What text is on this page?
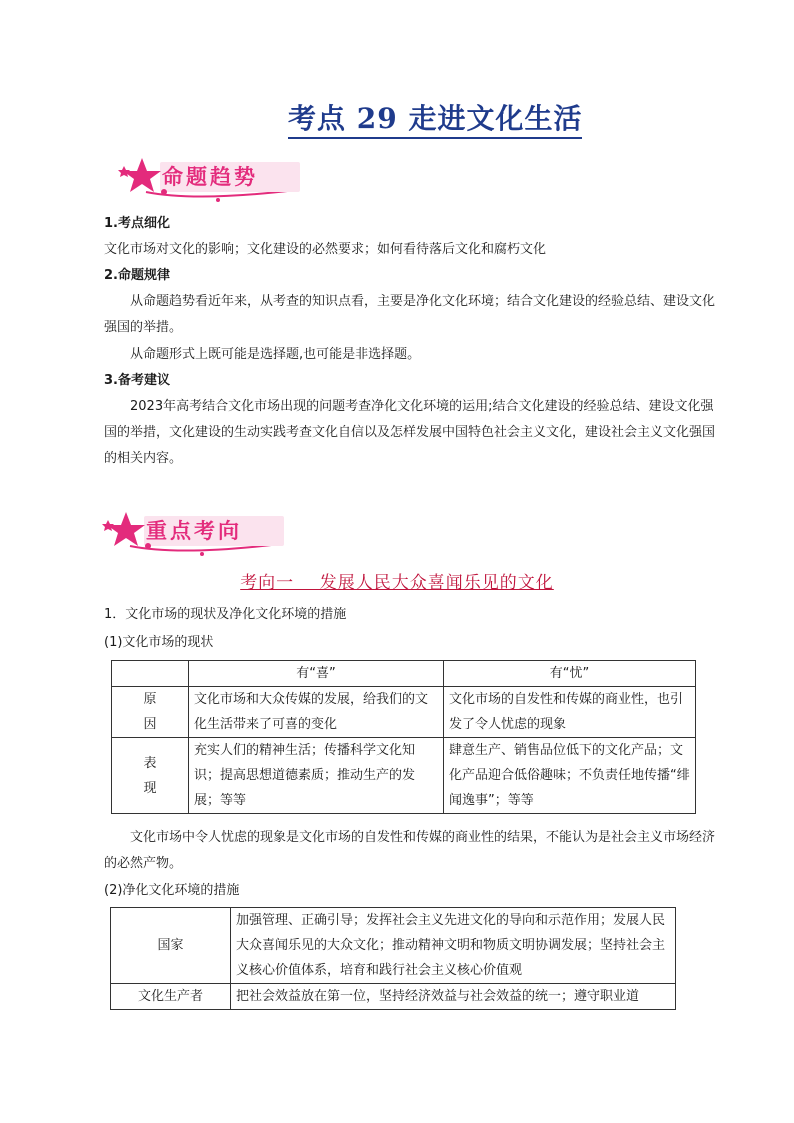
考点 29 走进文化生活
命题趋势
1.考点细化
文化市场对文化的影响；文化建设的必然要求；如何看待落后文化和腐朽文化
2.命题规律
从命题趋势看近年来，从考查的知识点看，主要是净化文化环境；结合文化建设的经验总结、建设文化强国的举措。
从命题形式上既可能是选择题,也可能是非选择题。
3.备考建议
2023年高考结合文化市场出现的问题考查净化文化环境的运用;结合文化建设的经验总结、建设文化强国的举措，文化建设的生动实践考查文化自信以及怎样发展中国特色社会主义文化，建设社会主义文化强国的相关内容。
重点考向
考向一    发展人民大众喜闻乐见的文化
1．文化市场的现状及净化文化环境的措施
(1)文化市场的现状
	有“喜”	有“忧”
原
因	文化市场和大众传媒的发展，给我们的文化生活带来了可喜的变化	文化市场的自发性和传媒的商业性，也引发了令人忧虑的现象
表
现	充实人们的精神生活；传播科学文化知识；提高思想道德素质；推动生产的发展；等等	肆意生产、销售品位低下的文化产品；文化产品迎合低俗趣味；不负责任地传播“绯闻逸事”；等等
文化市场中令人忧虑的现象是文化市场的自发性和传媒的商业性的结果，不能认为是社会主义市场经济的必然产物。
(2)净化文化环境的措施
国家	加强管理、正确引导；发挥社会主义先进文化的导向和示范作用；发展人民大众喜闻乐见的大众文化；推动精神文明和物质文明协调发展；坚持社会主义核心价值体系，培育和践行社会主义核心价值观
文化生产者	把社会效益放在第一位，坚持经济效益与社会效益的统一；遵守职业道
